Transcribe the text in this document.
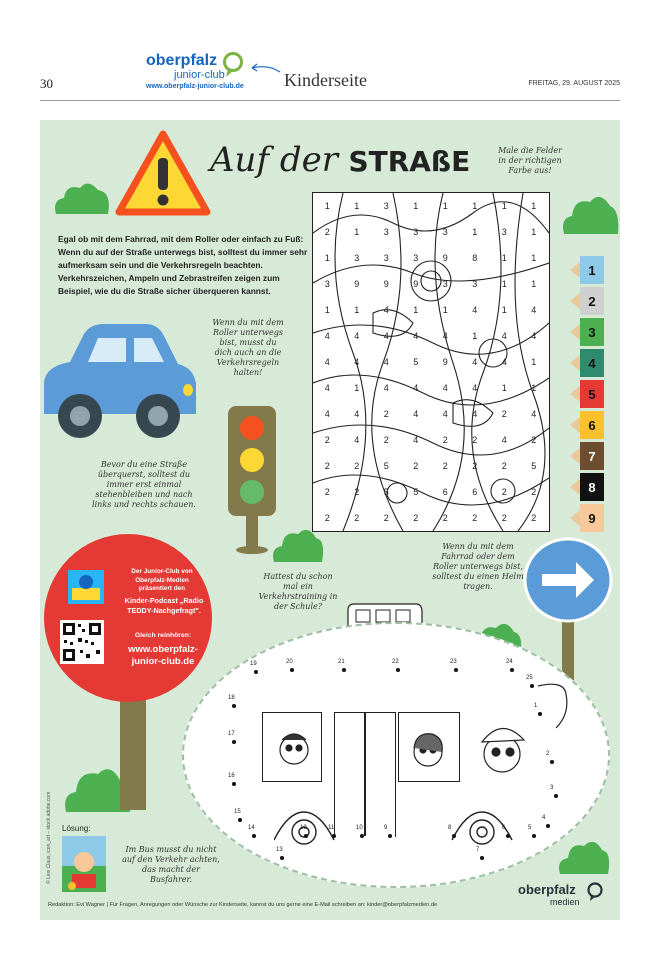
30
oberpfalz
junior-club
www.oberpfalz-junior-club.de Kinderseite	FREITAG, 29. AUGUST 2025
Auf der STRAßE
Egal ob mit dem Fahrrad, mit dem Roller oder einfach zu Fuß: Wenn du auf der Straße unterwegs bist, solltest du immer sehr aufmerksam sein und die Verkehrsregeln beachten. Verkehrszeichen, Ampeln und Zebrastreifen zeigen zum Beispiel, wie du die Straße sicher überqueren kannst.
Male die Felder in der richtigen Farbe aus!
Wenn du mit dem Roller unterwegs bist, musst du dich auch an die Verkehrsregeln halten!
Bevor du eine Straße überquerst, solltest du immer erst einmal stehenbleiben und nach links und rechts schauen.
Hattest du schon mal ein Verkehrstraining in der Schule?
Wenn du mit dem Fahrrad oder dem Roller unterwegs bist, solltest du einen Helm tragen.
Im Bus musst du nicht auf den Verkehr achten, das macht der Busfahrer.
1	1	3	1	1	1	1	1
2	1	3	3	3	1	3	1
1	3	3	3	9	8	1	1
3	9	9	9	3	3	1	1
1	1	4	1	1	4	1	4
4	4	4	4	4	1	4	4
4	4	4	5	9	4	4	1
4	1	4	4	4	4	1	1
4	4	2	4	4	4	2	4
2	4	2	4	2	2	4	2
2	2	5	2	2	2	2	5
2	2	5	5	6	6	2	2
2	2	2	2	2	2	2	2
1
2
3
4
5
6
7
8
9
Der Junior-Club von Oberpfalz-Medien präsentiert den
Kinder-Podcast „Radio TEDDY-Nachgefragt".
Gleich reinhören:
www.oberpfalz-junior-club.de	19	20	21	22	23	24
25
18
17
16
15
14
13
12	11	10	9	8
7
6	5
4
3
2
1
Lösung:
© Lexi Claus, icon_art – stock.adobe.com
Redaktion: Evi Wagner | Für Fragen, Anregungen oder Wünsche zur Kinderseite, kannst du uns gerne eine E-Mail schreiben an: kinder@oberpfalzmedien.de
oberpfalz
medien
